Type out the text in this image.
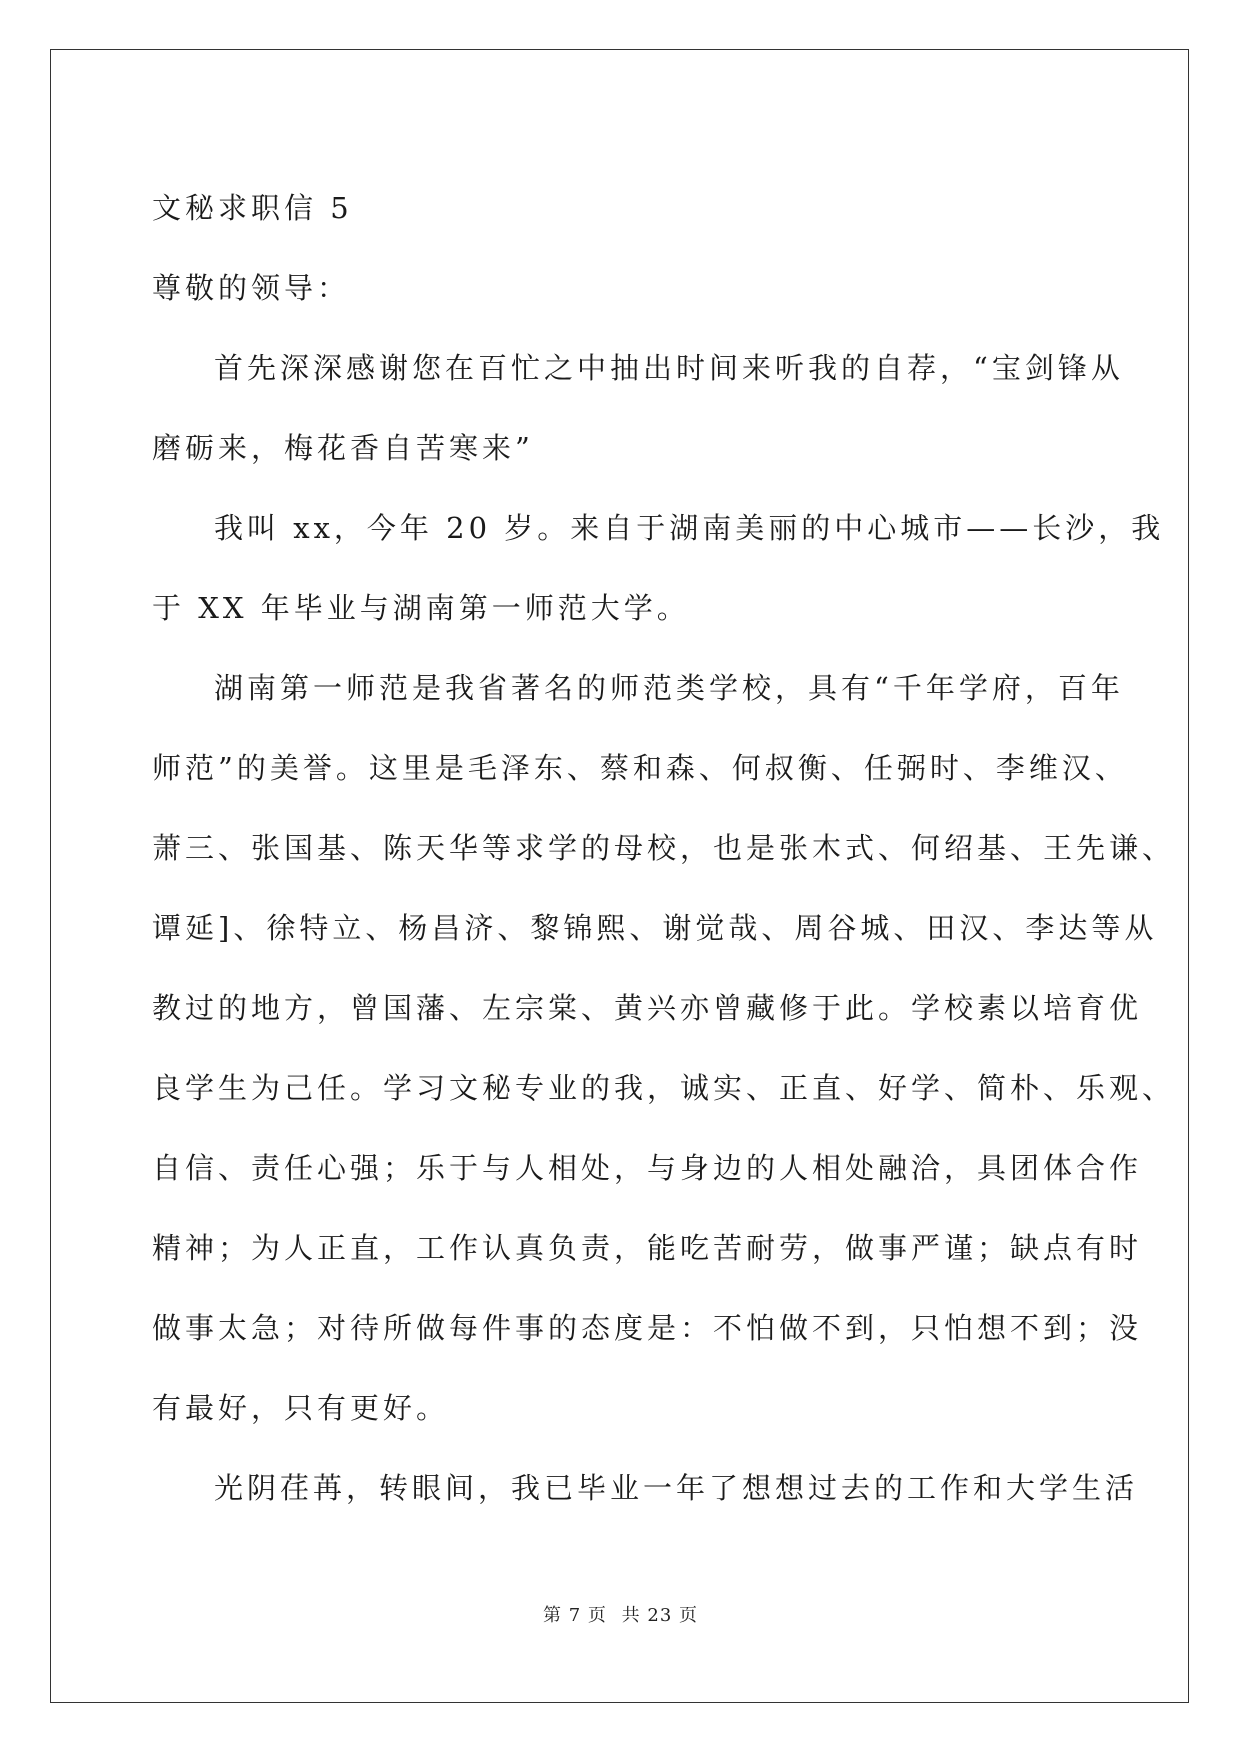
文秘求职信 5
尊敬的领导：
首先深深感谢您在百忙之中抽出时间来听我的自荐，“宝剑锋从
磨砺来，梅花香自苦寒来”
我叫 xx，今年 20 岁。来自于湖南美丽的中心城市——长沙，我
于 XX 年毕业与湖南第一师范大学。
湖南第一师范是我省著名的师范类学校，具有“千年学府，百年
师范”的美誉。这里是毛泽东、蔡和森、何叔衡、任弼时、李维汉、
萧三、张国基、陈天华等求学的母校，也是张木式、何绍基、王先谦、
谭延]、徐特立、杨昌济、黎锦熙、谢觉哉、周谷城、田汉、李达等从
教过的地方，曾国藩、左宗棠、黄兴亦曾藏修于此。学校素以培育优
良学生为己任。学习文秘专业的我，诚实、正直、好学、简朴、乐观、
自信、责任心强；乐于与人相处，与身边的人相处融洽，具团体合作
精神；为人正直，工作认真负责，能吃苦耐劳，做事严谨；缺点有时
做事太急；对待所做每件事的态度是：不怕做不到，只怕想不到；没
有最好，只有更好。
光阴荏苒，转眼间，我已毕业一年了想想过去的工作和大学生活
第 7 页 共 23 页
